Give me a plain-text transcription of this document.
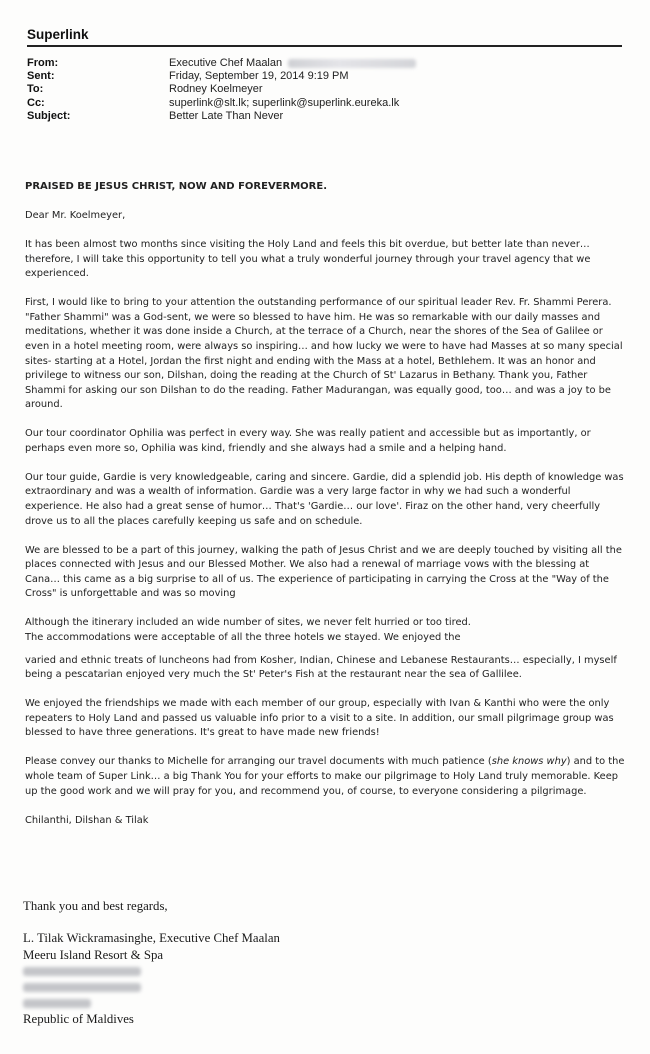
Superlink
From:	Executive Chef Maalan
Sent:	Friday, September 19, 2014 9:19 PM
To:	Rodney Koelmeyer
Cc:	superlink@slt.lk; superlink@superlink.eureka.lk
Subject:	Better Late Than Never

PRAISED BE JESUS CHRIST, NOW AND FOREVERMORE.

Dear Mr. Koelmeyer,

It has been almost two months since visiting the Holy Land and feels this bit overdue, but better late than never… therefore, I will take this opportunity to tell you what a truly wonderful journey through your travel agency that we experienced.

First, I would like to bring to your attention the outstanding performance of our spiritual leader Rev. Fr. Shammi Perera. "Father Shammi" was a God-sent, we were so blessed to have him. He was so remarkable with our daily masses and meditations, whether it was done inside a Church, at the terrace of a Church, near the shores of the Sea of Galilee or even in a hotel meeting room, were always so inspiring… and how lucky we were to have had Masses at so many special sites- starting at a Hotel, Jordan the first night and ending with the Mass at a hotel, Bethlehem. It was an honor and privilege to witness our son, Dilshan, doing the reading at the Church of St' Lazarus in Bethany. Thank you, Father Shammi for asking our son Dilshan to do the reading. Father Madurangan, was equally good, too… and was a joy to be around.

Our tour coordinator Ophilia was perfect in every way. She was really patient and accessible but as importantly, or perhaps even more so, Ophilia was kind, friendly and she always had a smile and a helping hand.

Our tour guide, Gardie is very knowledgeable, caring and sincere. Gardie, did a splendid job. His depth of knowledge was extraordinary and was a wealth of information. Gardie was a very large factor in why we had such a wonderful experience. He also had a great sense of humor… That's 'Gardie… our love'. Firaz on the other hand, very cheerfully drove us to all the places carefully keeping us safe and on schedule.

We are blessed to be a part of this journey, walking the path of Jesus Christ and we are deeply touched by visiting all the places connected with Jesus and our Blessed Mother. We also had a renewal of marriage vows with the blessing at Cana… this came as a big surprise to all of us. The experience of participating in carrying the Cross at the "Way of the Cross" is unforgettable and was so moving

Although the itinerary included an wide number of sites, we never felt hurried or too tired.
The accommodations were acceptable of all the three hotels we stayed. We enjoyed the

varied and ethnic treats of luncheons had from Kosher, Indian, Chinese and Lebanese Restaurants… especially, I myself being a pescatarian enjoyed very much the St' Peter's Fish at the restaurant near the sea of Gallilee.

We enjoyed the friendships we made with each member of our group, especially with Ivan & Kanthi who were the only repeaters to Holy Land and passed us valuable info prior to a visit to a site. In addition, our small pilgrimage group was blessed to have three generations. It's great to have made new friends!

Please convey our thanks to Michelle for arranging our travel documents with much patience (she knows why) and to the whole team of Super Link… a big Thank You for your efforts to make our pilgrimage to Holy Land truly memorable. Keep up the good work and we will pray for you, and recommend you, of course, to everyone considering a pilgrimage.

Chilanthi, Dilshan & Tilak

Thank you and best regards,
L. Tilak Wickramasinghe, Executive Chef Maalan
Meeru Island Resort & Spa
Republic of Maldives
